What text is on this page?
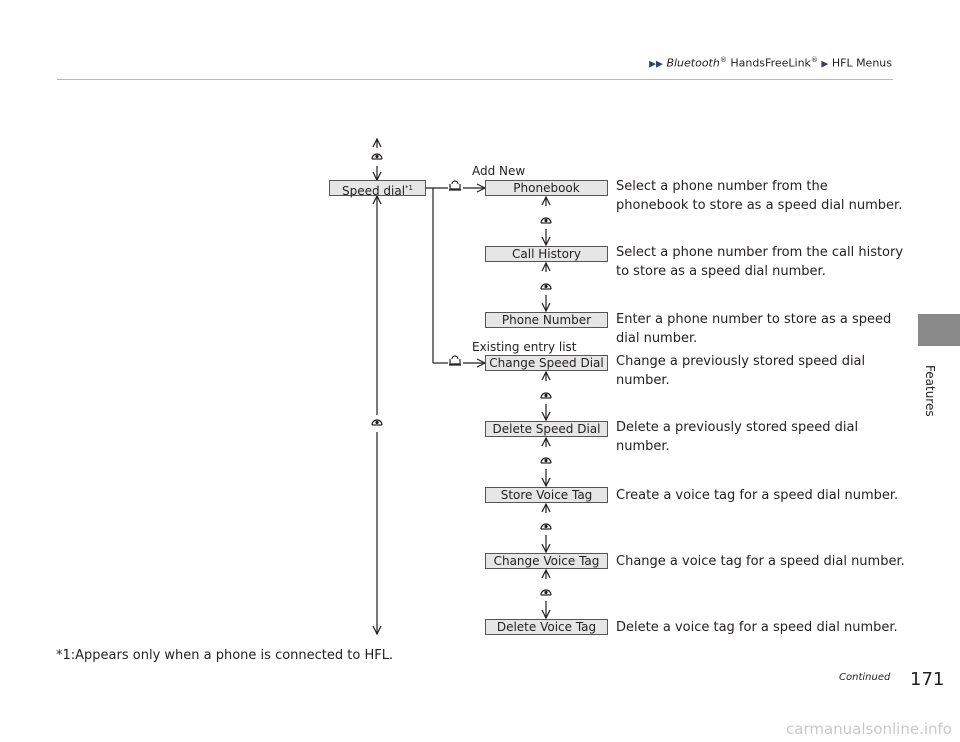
▶▶ Bluetooth® HandsFreeLink® ▶ HFL Menus
Features
Speed dial$^{*1}$
Add New
Existing entry list
Phonebook
Call History
Phone Number
Change Speed Dial
Delete Speed Dial
Store Voice Tag
Change Voice Tag
Delete Voice Tag
Select a phone number from the
phonebook to store as a speed dial number.
Select a phone number from the call history
to store as a speed dial number.
Enter a phone number to store as a speed
dial number.
Change a previously stored speed dial
number.
Delete a previously stored speed dial
number.
Create a voice tag for a speed dial number.
Change a voice tag for a speed dial number.
Delete a voice tag for a speed dial number.
*1:Appears only when a phone is connected to HFL.
Continued 171
carmanualsonline.info
